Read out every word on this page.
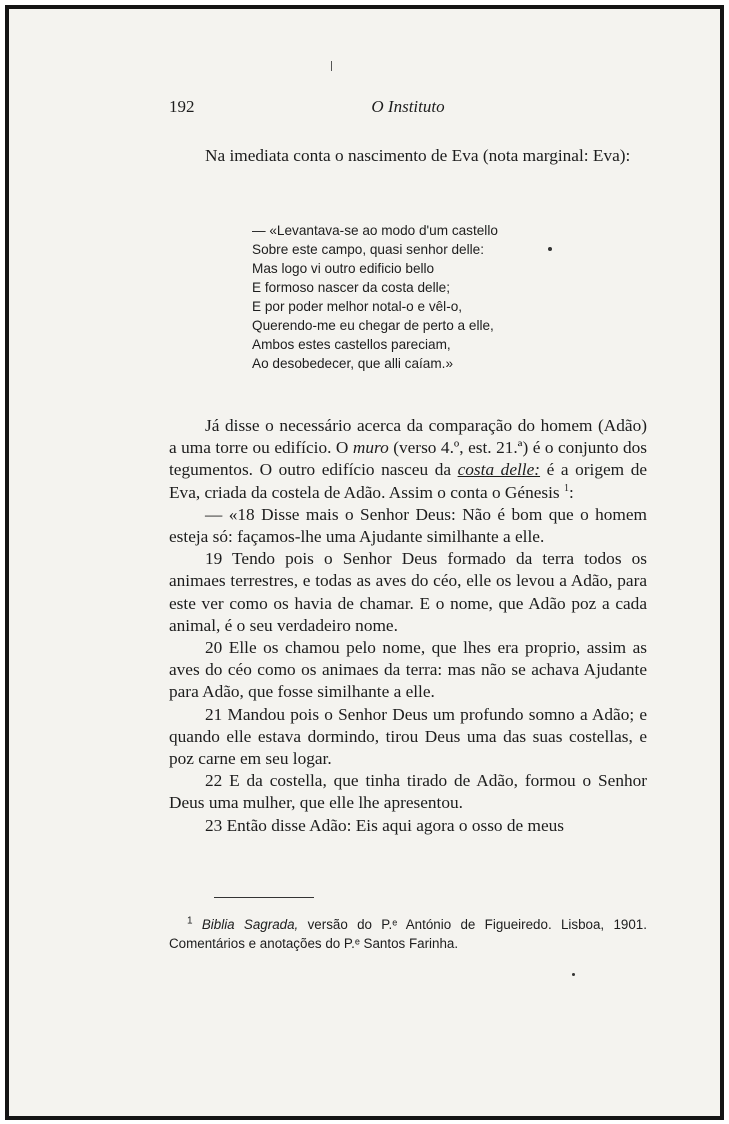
192	O Instituto

Na imediata conta o nascimento de Eva (nota marginal: Eva):

— «Levantava-se ao modo d'um castello
Sobre este campo, quasi senhor delle:
Mas logo vi outro edificio bello
E formoso nascer da costa delle;
E por poder melhor notal-o e vêl-o,
Querendo-me eu chegar de perto a elle,
Ambos estes castellos pareciam,
Ao desobedecer, que alli caíam.»

Já disse o necessário acerca da comparação do homem (Adão) a uma torre ou edifício. O muro (verso 4.º, est. 21.ª) é o conjunto dos tegumentos. O outro edifício nasceu da costa delle: é a origem de Eva, criada da costela de Adão. Assim o conta o Génesis $^1$:

— «18 Disse mais o Senhor Deus: Não é bom que o homem esteja só: façamos-lhe uma Ajudante similhante a elle.

19 Tendo pois o Senhor Deus formado da terra todos os animaes terrestres, e todas as aves do céo, elle os levou a Adão, para este ver como os havia de chamar. E o nome, que Adão poz a cada animal, é o seu verdadeiro nome.

20 Elle os chamou pelo nome, que lhes era proprio, assim as aves do céo como os animaes da terra: mas não se achava Ajudante para Adão, que fosse similhante a elle.

21 Mandou pois o Senhor Deus um profundo somno a Adão; e quando elle estava dormindo, tirou Deus uma das suas costellas, e poz carne em seu logar.

22 E da costella, que tinha tirado de Adão, formou o Senhor Deus uma mulher, que elle lhe apresentou.

23 Então disse Adão: Eis aqui agora o osso de meus

$^1$ Biblia Sagrada, versão do P.ᵉ António de Figueiredo. Lisboa, 1901. Comentários e anotações do P.ᵉ Santos Farinha.
